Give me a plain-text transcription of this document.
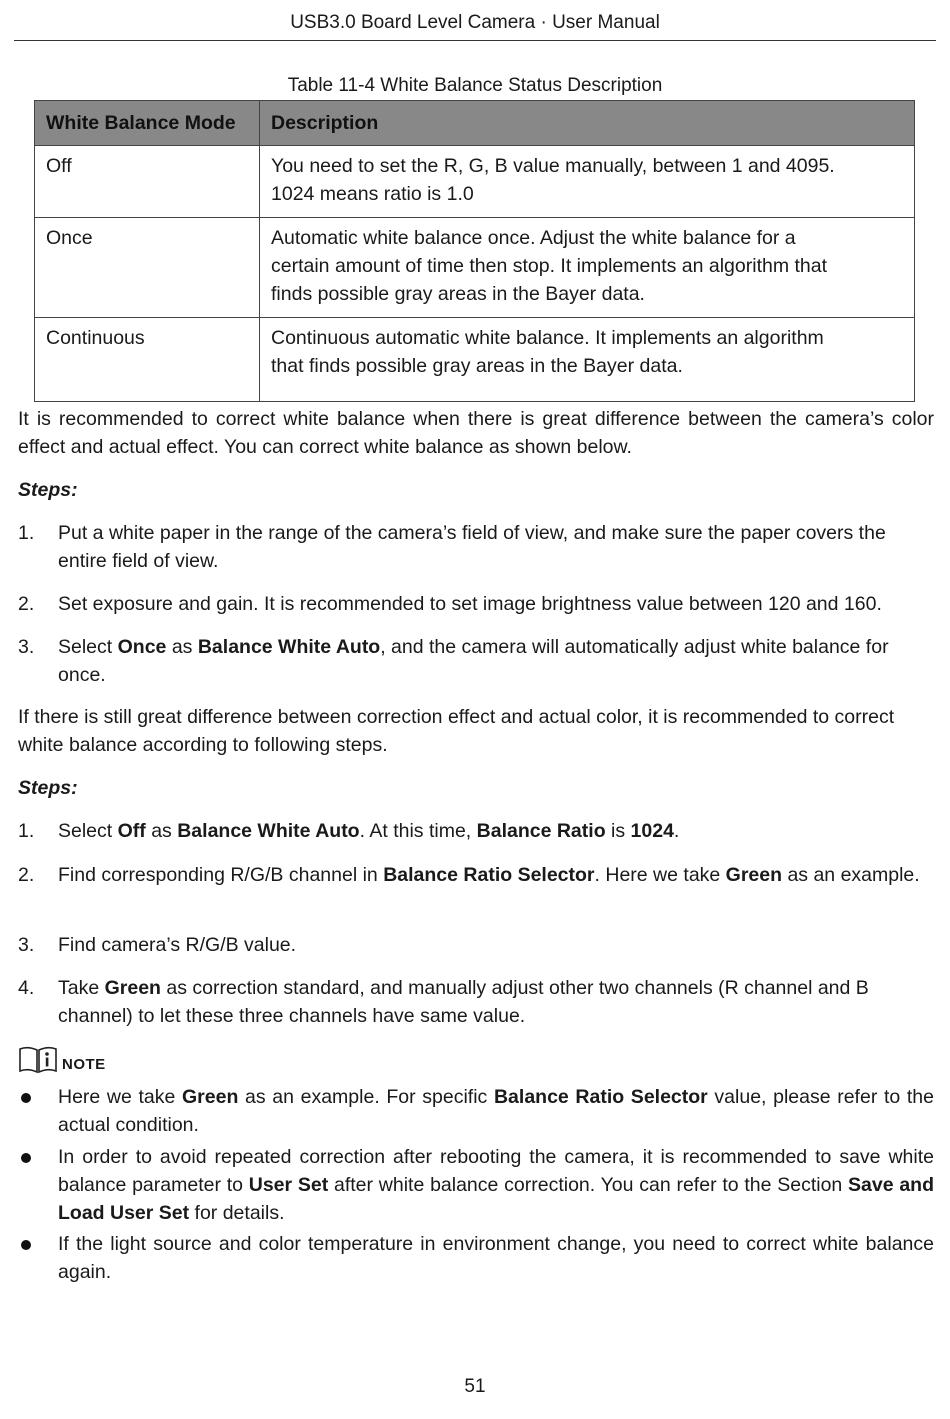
USB3.0 Board Level Camera · User Manual
Table 11-4 White Balance Status Description
White Balance Mode	Description
Off	You need to set the R, G, B value manually, between 1 and 4095.
1024 means ratio is 1.0

Once	Automatic white balance once. Adjust the white balance for a
certain amount of time then stop. It implements an algorithm that
finds possible gray areas in the Bayer data.

Continuous	Continuous automatic white balance. It implements an algorithm
that finds possible gray areas in the Bayer data.
It is recommended to correct white balance when there is great difference between the camera’s color effect and actual effect. You can correct white balance as shown below.
Steps:
1. Put a white paper in the range of the camera’s field of view, and make sure the paper covers the entire field of view.
2. Set exposure and gain. It is recommended to set image brightness value between 120 and 160.
3. Select Once as Balance White Auto, and the camera will automatically adjust white balance for once.
If there is still great difference between correction effect and actual color, it is recommended to correct white balance according to following steps.
Steps:
1. Select Off as Balance White Auto. At this time, Balance Ratio is 1024.
2. Find corresponding R/G/B channel in Balance Ratio Selector. Here we take Green as an example.
3. Find camera’s R/G/B value.
4. Take Green as correction standard, and manually adjust other two channels (R channel and B channel) to let these three channels have same value.
NOTE
Here we take Green as an example. For specific Balance Ratio Selector value, please refer to the actual condition.
In order to avoid repeated correction after rebooting the camera, it is recommended to save white balance parameter to User Set after white balance correction. You can refer to the Section Save and Load User Set for details.
If the light source and color temperature in environment change, you need to correct white balance again.
51
